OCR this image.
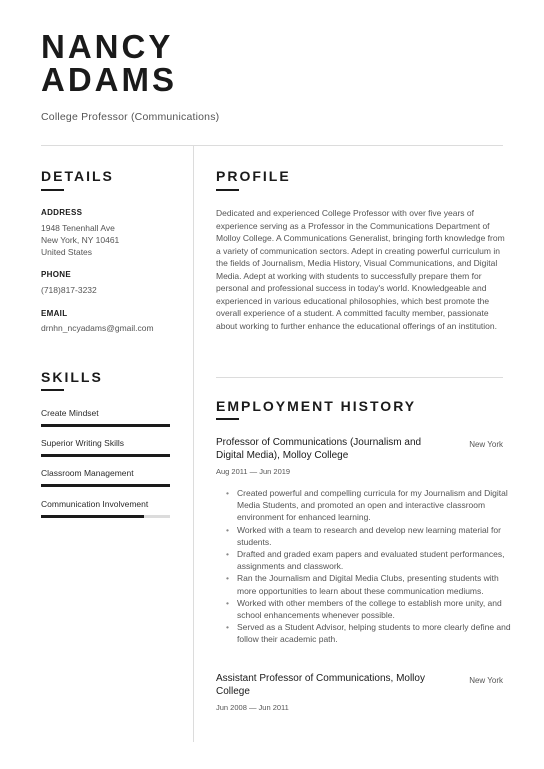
NANCY
ADAMS
College Professor (Communications)
DETAILS
ADDRESS
1948 Tenenhall Ave
New York, NY 10461
United States
PHONE
(718)817-3232
EMAIL
drnhn_ncyadams@gmail.com
SKILLS
Create Mindset
Superior Writing Skills
Classroom Management
Communication Involvement
PROFILE
Dedicated and experienced College Professor with over five years of experience serving as a Professor in the Communications Department of Molloy College. A Communications Generalist, bringing forth knowledge from a variety of communication sectors. Adept in creating powerful curriculum in the fields of Journalism, Media History, Visual Communications, and Digital Media. Adept at working with students to successfully prepare them for personal and professional success in today's world. Knowledgeable and experienced in various educational philosophies, which best promote the overall experience of a student. A committed faculty member, passionate about working to further enhance the educational offerings of an institution.
EMPLOYMENT HISTORY
Professor of Communications (Journalism and Digital Media), Molloy College
New York
Aug 2011 — Jun 2019
• Created powerful and compelling curricula for my Journalism and Digital Media Students, and promoted an open and interactive classroom environment for enhanced learning.
• Worked with a team to research and develop new learning material for students.
• Drafted and graded exam papers and evaluated student performances, assignments and classwork.
• Ran the Journalism and Digital Media Clubs, presenting students with more opportunities to learn about these communication mediums.
• Worked with other members of the college to establish more unity, and school enhancements whenever possible.
• Served as a Student Advisor, helping students to more clearly define and follow their academic path.
Assistant Professor of Communications, Molloy College
New York
Jun 2008 — Jun 2011
